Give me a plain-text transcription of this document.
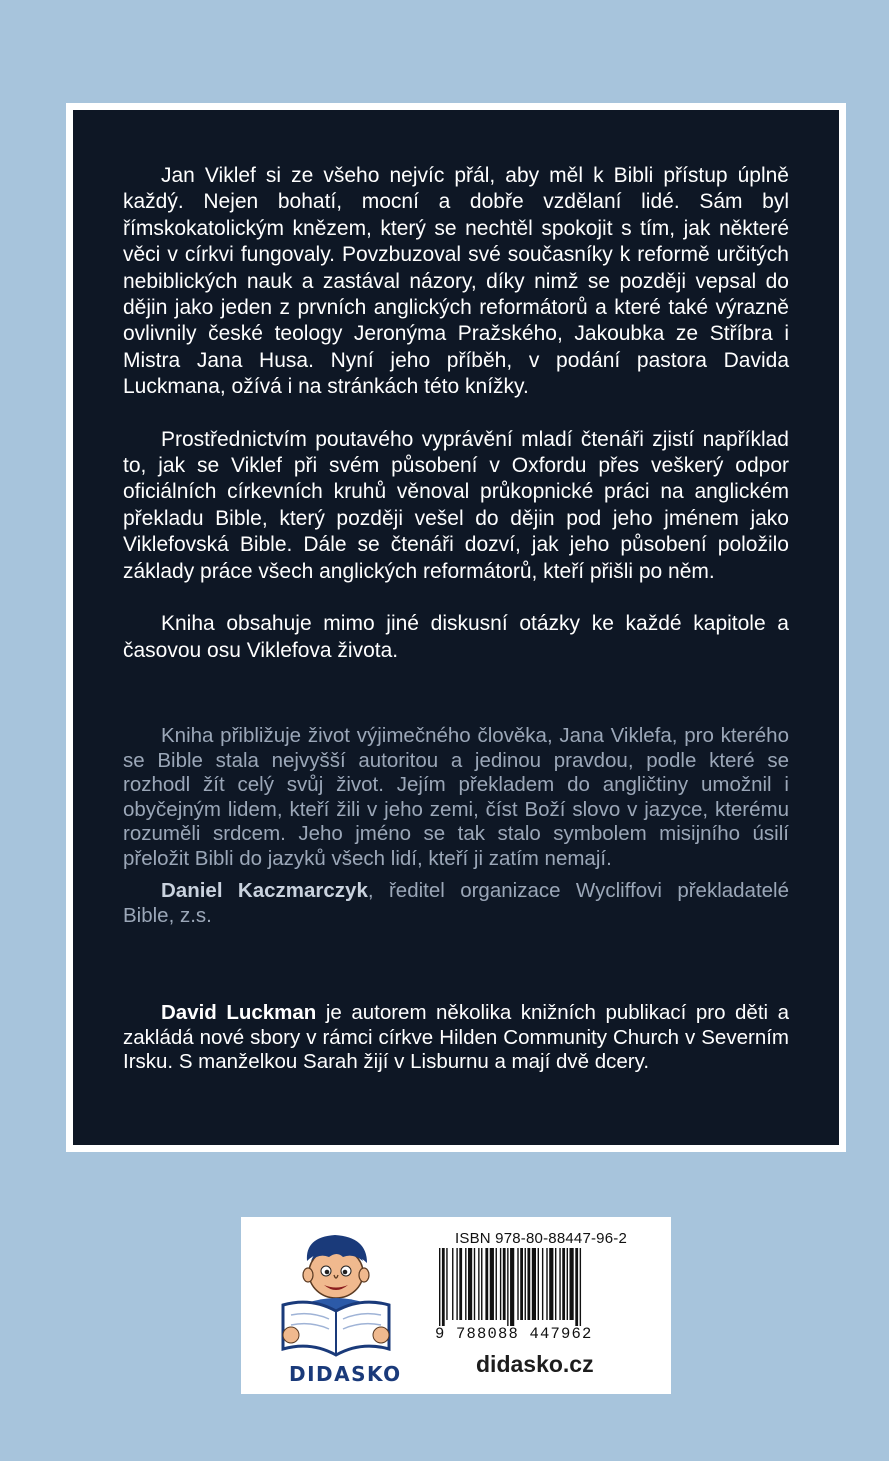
Jan Viklef si ze všeho nejvíc přál, aby měl k Bibli přístup úplně každý. Nejen bohatí, mocní a dobře vzdělaní lidé. Sám byl římskokatolickým knězem, který se nechtěl spokojit s tím, jak některé věci v církvi fungovaly. Povzbuzoval své současníky k reformě určitých nebiblických nauk a zastával názory, díky nimž se později vepsal do dějin jako jeden z prvních anglických reformátorů a které také výrazně ovlivnily české teology Jeronýma Pražského, Jakoubka ze Stříbra i Mistra Jana Husa. Nyní jeho příběh, v podání pastora Davida Luckmana, ožívá i na stránkách této knížky.

Prostřednictvím poutavého vyprávění mladí čtenáři zjistí například to, jak se Viklef při svém působení v Oxfordu přes veškerý odpor oficiálních církevních kruhů věnoval průkopnické práci na anglickém překladu Bible, který později vešel do dějin pod jeho jménem jako Viklefovská Bible. Dále se čtenáři dozví, jak jeho působení položilo základy práce všech anglických reformátorů, kteří přišli po něm.

Kniha obsahuje mimo jiné diskusní otázky ke každé kapitole a časovou osu Viklefova života.

Kniha přibližuje život výjimečného člověka, Jana Viklefa, pro kterého se Bible stala nejvyšší autoritou a jedinou pravdou, podle které se rozhodl žít celý svůj život. Jejím překladem do angličtiny umožnil i obyčejným lidem, kteří žili v jeho zemi, číst Boží slovo v jazyce, kterému rozuměli srdcem. Jeho jméno se tak stalo symbolem misijního úsilí přeložit Bibli do jazyků všech lidí, kteří ji zatím nemají.

Daniel Kaczmarczyk, ředitel organizace Wycliffovi překladatelé Bible, z.s.

David Luckman je autorem několika knižních publikací pro děti a zakládá nové sbory v rámci církve Hilden Community Church v Severním Irsku. S manželkou Sarah žijí v Lisburnu a mají dvě dcery.

DIDASKO
ISBN 978-80-88447-96-2
9 788088 447962
didasko.cz
